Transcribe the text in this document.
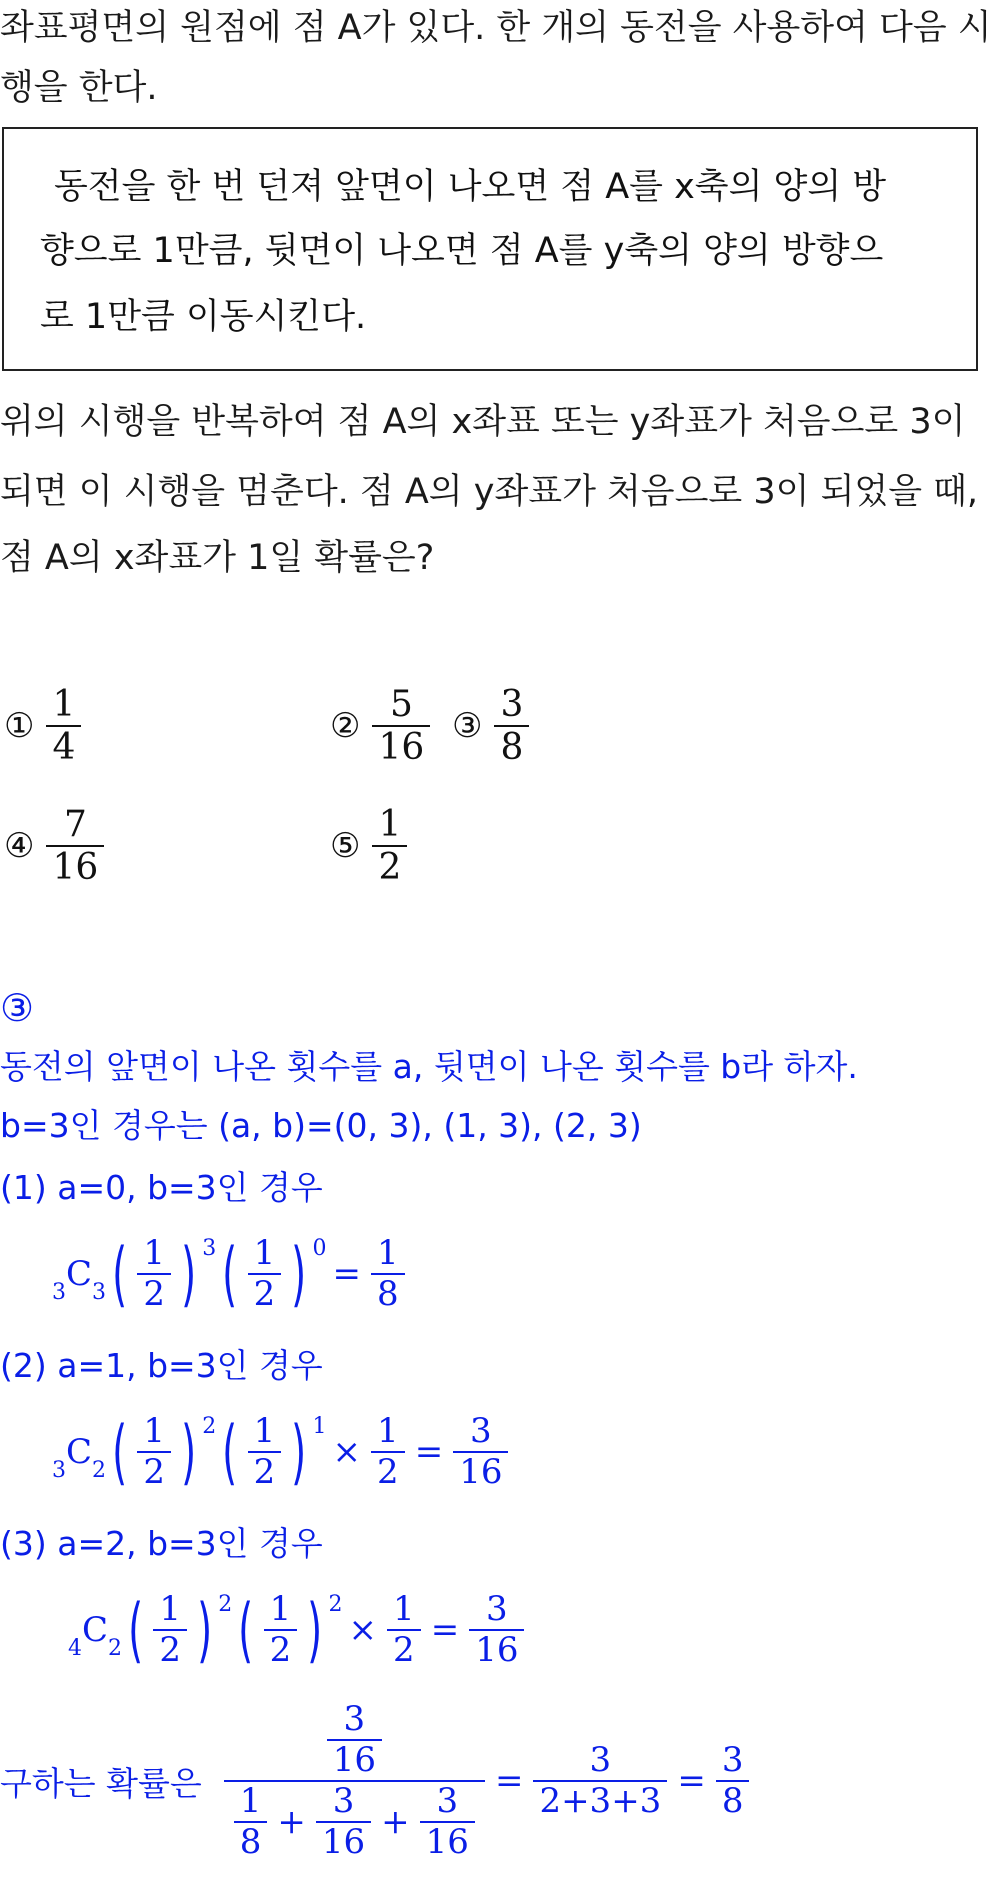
좌표평면의 원점에 점 A가 있다. 한 개의 동전을 사용하여 다음 시
행을 한다.
동전을 한 번 던져 앞면이 나오면 점 A를 x축의 양의 방
향으로 1만큼, 뒷면이 나오면 점 A를 y축의 양의 방향으
로 1만큼 이동시킨다.
위의 시행을 반복하여 점 A의 x좌표 또는 y좌표가 처음으로 3이
되면 이 시행을 멈춘다. 점 A의 y좌표가 처음으로 3이 되었을 때,
점 A의 x좌표가 1일 확률은?
① $\frac{1}{4}$	② $\frac{5}{16}$ ③ $\frac{3}{8}$
④ $\frac{7}{16}$	⑤ $\frac{1}{2}$
③
동전의 앞면이 나온 횟수를 a, 뒷면이 나온 횟수를 b라 하자.
b=3인 경우는 (a, b)=(0, 3), (1, 3), (2, 3)
(1) a=0, b=3인 경우
$_3C_3$ ( $\frac{1}{2}$ ) 3 ( $\frac{1}{2}$ ) 0
= $\frac{1}{8}$
(2) a=1, b=3인 경우
$_3C_2$ ( $\frac{1}{2}$ ) 2 ( $\frac{1}{2}$ ) 1
× $\frac{1}{2} = \frac{3}{16}$
(3) a=2, b=3인 경우
$_4C_2$ ( $\frac{1}{2}$ ) 2 ( $\frac{1}{2}$ ) 2
× $\frac{1}{2} = \frac{3}{16}$
구하는 확률은 $\frac{\frac{3}{16}}{\frac{1}{8} + \frac{3}{16} + \frac{3}{16}} = \frac{3}{2+3+3} = \frac{3}{8}$
